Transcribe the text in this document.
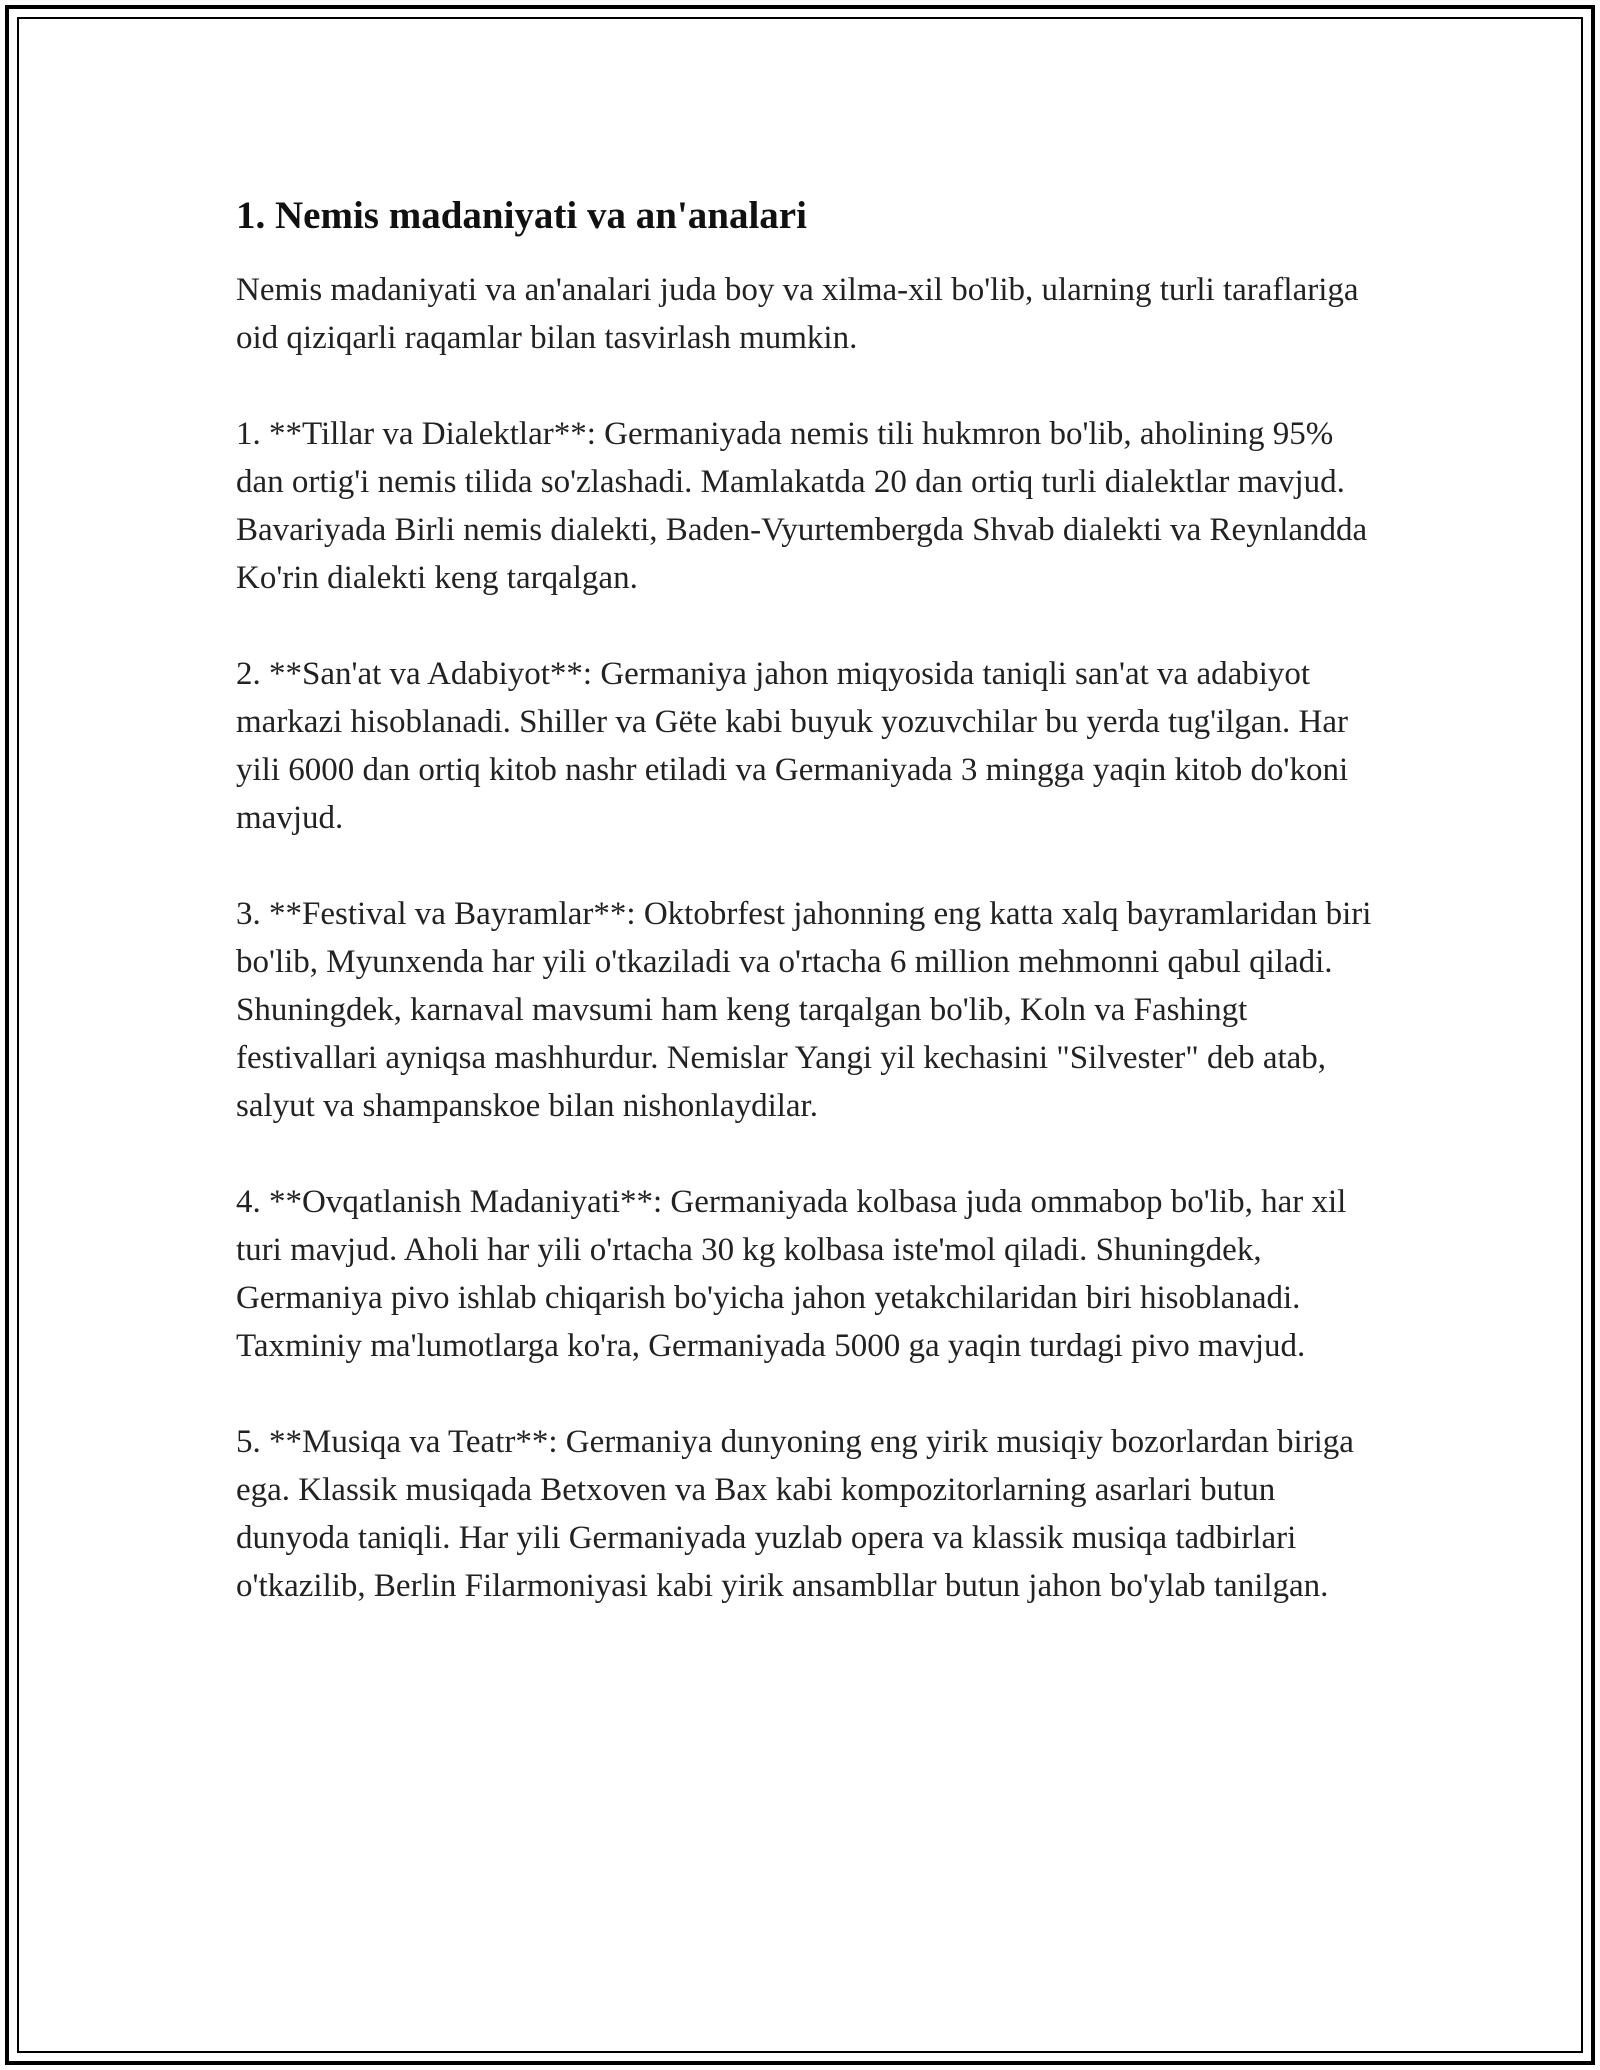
1. Nemis madaniyati va an'analari

Nemis madaniyati va an'analari juda boy va xilma-xil bo'lib, ularning turli taraflariga oid qiziqarli raqamlar bilan tasvirlash mumkin.

1. **Tillar va Dialektlar**: Germaniyada nemis tili hukmron bo'lib, aholining 95% dan ortig'i nemis tilida so'zlashadi. Mamlakatda 20 dan ortiq turli dialektlar mavjud. Bavariyada Birli nemis dialekti, Baden-Vyurtembergda Shvab dialekti va Reynlandda Ko'rin dialekti keng tarqalgan.

2. **San'at va Adabiyot**: Germaniya jahon miqyosida taniqli san'at va adabiyot markazi hisoblanadi. Shiller va Gëte kabi buyuk yozuvchilar bu yerda tug'ilgan. Har yili 6000 dan ortiq kitob nashr etiladi va Germaniyada 3 mingga yaqin kitob do'koni mavjud.

3. **Festival va Bayramlar**: Oktobrfest jahonning eng katta xalq bayramlaridan biri bo'lib, Myunxenda har yili o'tkaziladi va o'rtacha 6 million mehmonni qabul qiladi. Shuningdek, karnaval mavsumi ham keng tarqalgan bo'lib, Koln va Fashingt festivallari ayniqsa mashhurdur. Nemislar Yangi yil kechasini "Silvester" deb atab, salyut va shampanskoe bilan nishonlaydilar.

4. **Ovqatlanish Madaniyati**: Germaniyada kolbasa juda ommabop bo'lib, har xil turi mavjud. Aholi har yili o'rtacha 30 kg kolbasa iste'mol qiladi. Shuningdek, Germaniya pivo ishlab chiqarish bo'yicha jahon yetakchilaridan biri hisoblanadi. Taxminiy ma'lumotlarga ko'ra, Germaniyada 5000 ga yaqin turdagi pivo mavjud.

5. **Musiqa va Teatr**: Germaniya dunyoning eng yirik musiqiy bozorlardan biriga ega. Klassik musiqada Betxoven va Bax kabi kompozitorlarning asarlari butun dunyoda taniqli. Har yili Germaniyada yuzlab opera va klassik musiqa tadbirlari o'tkazilib, Berlin Filarmoniyasi kabi yirik ansambllar butun jahon bo'ylab tanilgan.
